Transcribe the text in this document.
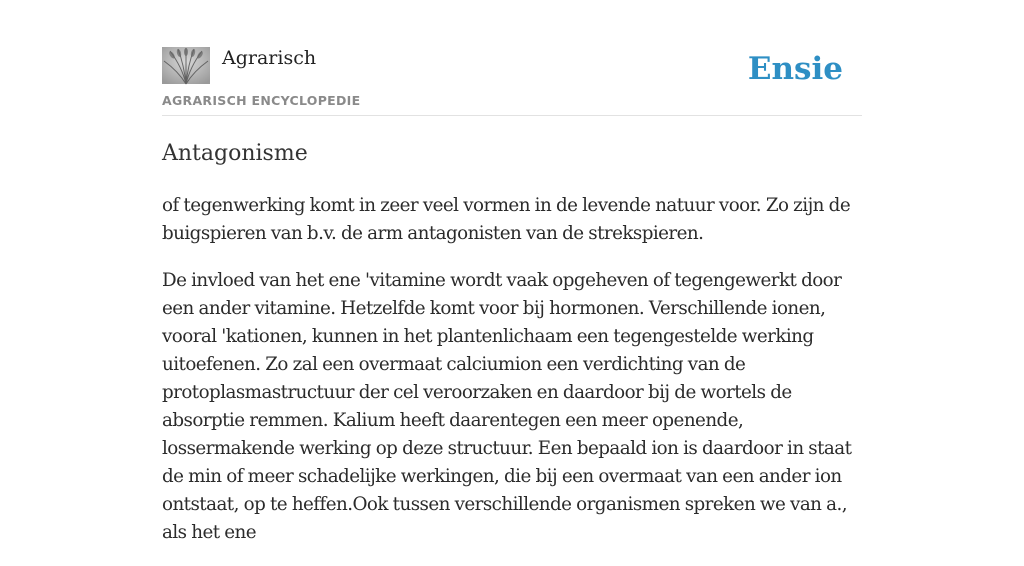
Agrarisch
AGRARISCH ENCYCLOPEDIE
Ensie
Antagonisme

of tegenwerking komt in zeer veel vormen in de levende natuur voor. Zo zijn de buigspieren van b.v. de arm antagonisten van de strekspieren.

De invloed van het ene 'vitamine wordt vaak opgeheven of tegengewerkt door een ander vitamine. Hetzelfde komt voor bij hormonen. Verschillende ionen, vooral 'kationen, kunnen in het plantenlichaam een tegengestelde werking uitoefenen. Zo zal een overmaat calciumion een verdichting van de protoplasmastructuur der cel veroorzaken en daardoor bij de wortels de absorptie remmen. Kalium heeft daarentegen een meer openende, lossermakende werking op deze structuur. Een bepaald ion is daardoor in staat de min of meer schadelijke werkingen, die bij een overmaat van een ander ion ontstaat, op te heffen.Ook tussen verschillende organismen spreken we van a., als het ene
